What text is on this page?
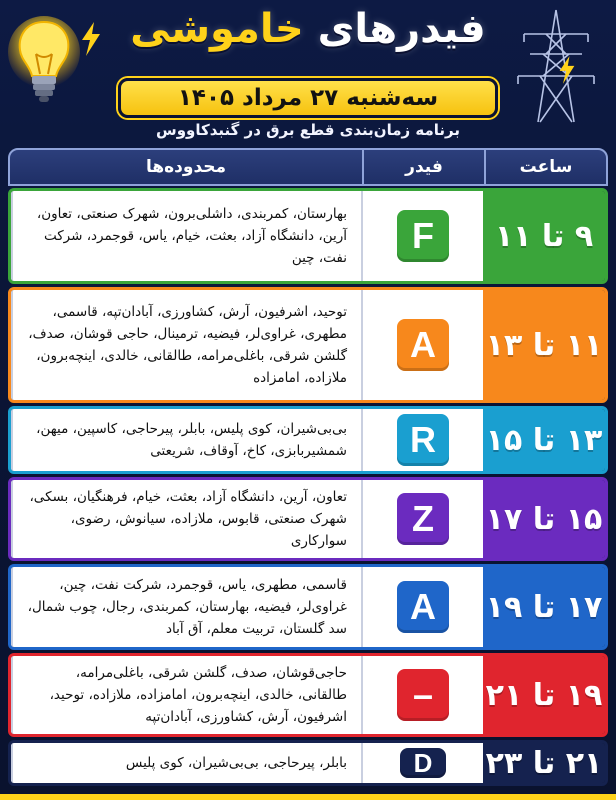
فیدرهای خاموشی
سه‌شنبه ۲۷ مرداد ۱۴۰۵
برنامه زمان‌بندی قطع برق در گنبدکاووس
ساعت
فیدر
محدوده‌ها
۹ تا ۱۱
F
بهارستان، کمربندی، داشلی‌برون، شهرک صنعتی، تعاون، آرین، دانشگاه آزاد، بعثت، خیام، یاس، قوجمرد، شرکت نفت، چین
۱۱ تا ۱۳
A
توحید، اشرفیون، آرش، کشاورزی، آبادان‌تپه، قاسمی، مطهری، غراوی‌لر، فیضیه، ترمینال، حاجی قوشان، صدف، گلشن شرقی، باغلی‌مرامه، طالقانی، خالدی، اینچه‌برون، ملازاده، امامزاده
۱۳ تا ۱۵
R
بی‌بی‌شیران، کوی پلیس، بابلر، پیرحاجی، کاسپین، میهن، شمشیربابزی، کاخ، آوقاف، شریعتی
۱۵ تا ۱۷
Z
تعاون، آرین، دانشگاه آزاد، بعثت، خیام، فرهنگیان، بسکی، شهرک صنعتی، قابوس، ملازاده، سیانوش، رضوی، سوارکاری
۱۷ تا ۱۹
A
قاسمی، مطهری، یاس، قوجمرد، شرکت نفت، چین، غراوی‌لر، فیضیه، بهارستان، کمربندی، رجال، چوب شمال، سد گلستان، تربیت معلم، آق آباد
۱۹ تا ۲۱
–
حاجی‌قوشان، صدف، گلشن شرقی، باغلی‌مرامه، طالقانی، خالدی، اینچه‌برون، امامزاده، ملازاده، توحید، اشرفیون، آرش، کشاورزی، آبادان‌تپه
۲۱ تا ۲۳
D
بابلر، پیرحاجی، بی‌بی‌شیران، کوی پلیس
